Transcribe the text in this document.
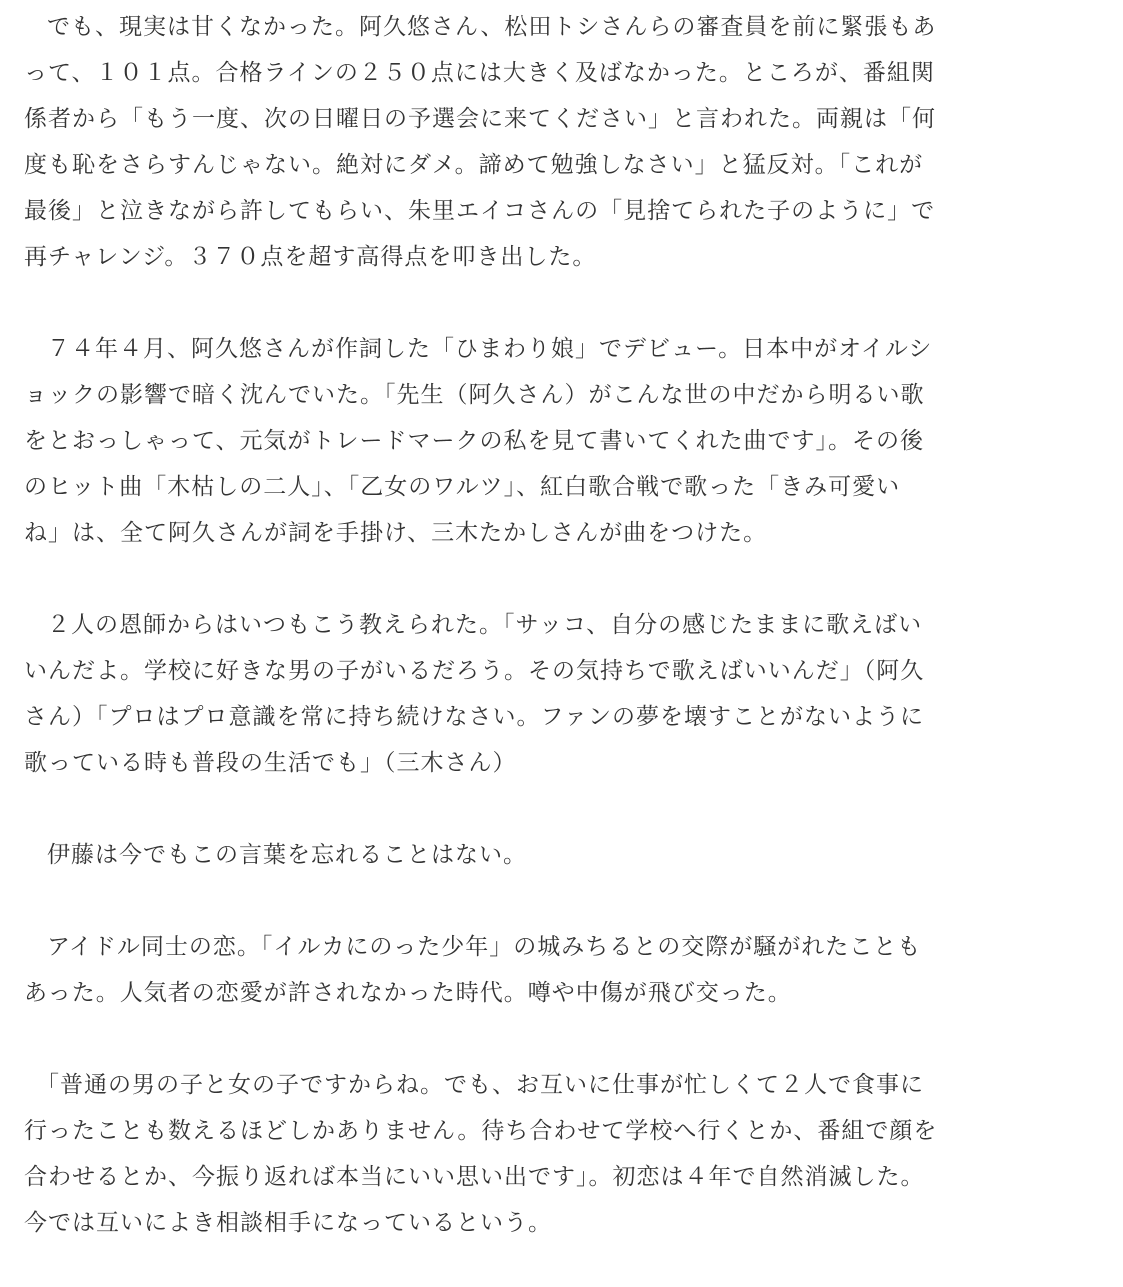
でも、現実は甘くなかった。阿久悠さん、松田トシさんらの審査員を前に緊張もあ
って、１０１点。合格ラインの２５０点には大きく及ばなかった。ところが、番組関
係者から「もう一度、次の日曜日の予選会に来てください」と言われた。両親は「何
度も恥をさらすんじゃない。絶対にダメ。諦めて勉強しなさい」と猛反対。「これが
最後」と泣きながら許してもらい、朱里エイコさんの「見捨てられた子のように」で
再チャレンジ。３７０点を超す高得点を叩き出した。
７４年４月、阿久悠さんが作詞した「ひまわり娘」でデビュー。日本中がオイルシ
ョックの影響で暗く沈んでいた。「先生（阿久さん）がこんな世の中だから明るい歌
をとおっしゃって、元気がトレードマークの私を見て書いてくれた曲です」。その後
のヒット曲「木枯しの二人」、「乙女のワルツ」、紅白歌合戦で歌った「きみ可愛い
ね」は、全て阿久さんが詞を手掛け、三木たかしさんが曲をつけた。
２人の恩師からはいつもこう教えられた。「サッコ、自分の感じたままに歌えばい
いんだよ。学校に好きな男の子がいるだろう。その気持ちで歌えばいいんだ」（阿久
さん）「プロはプロ意識を常に持ち続けなさい。ファンの夢を壊すことがないように
歌っている時も普段の生活でも」（三木さん）
伊藤は今でもこの言葉を忘れることはない。
アイドル同士の恋。「イルカにのった少年」の城みちるとの交際が騒がれたことも
あった。人気者の恋愛が許されなかった時代。噂や中傷が飛び交った。
「普通の男の子と女の子ですからね。でも、お互いに仕事が忙しくて２人で食事に
行ったことも数えるほどしかありません。待ち合わせて学校へ行くとか、番組で顔を
合わせるとか、今振り返れば本当にいい思い出です」。初恋は４年で自然消滅した。
今では互いによき相談相手になっているという。
